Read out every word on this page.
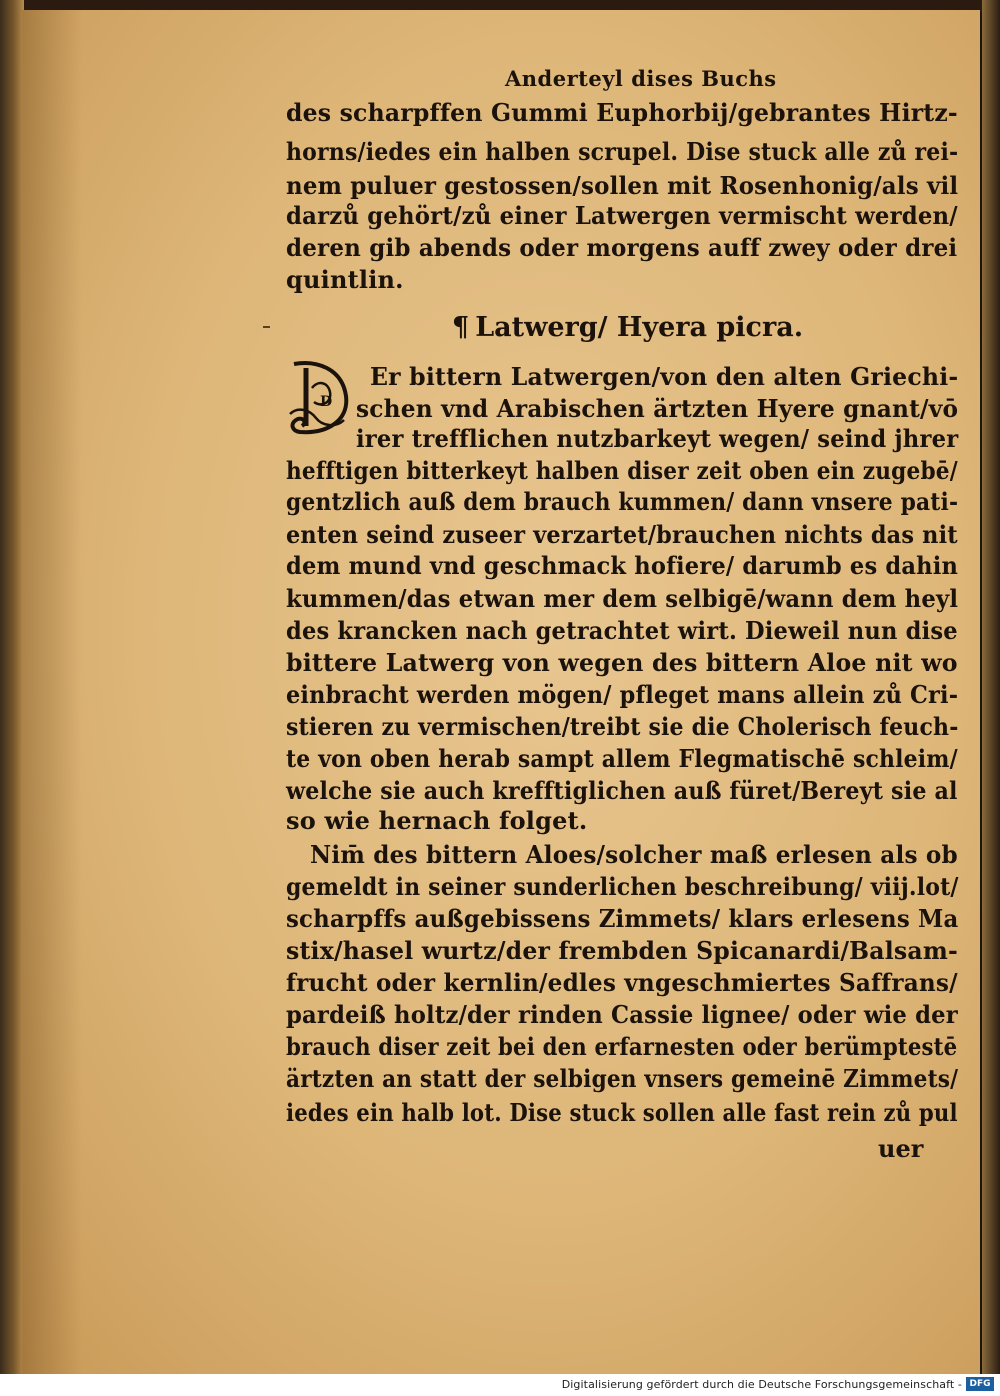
Anderteyl dises Buchs
des scharpffen Gummi Euphorbij/gebrantes Hirtz-
horns/iedes ein halben scrupel. Dise stuck alle zů rei-
nem puluer gestossen/sollen mit Rosenhonig/als vil
darzů gehört/zů einer Latwergen vermischt werden/
deren gib abends oder morgens auff zwey oder drei
quintlin.
¶ Latwerg/ Hyera picra.
D
Er bittern Latwergen/von den alten Griechi-
schen vnd Arabischen ärtzten Hyere gnant/vō
irer trefflichen nutzbarkeyt wegen/ seind jhrer
hefftigen bitterkeyt halben diser zeit oben ein zugebē/
gentzlich auß dem brauch kummen/ dann vnsere pati-
enten seind zuseer verzartet/brauchen nichts das nit
dem mund vnd geschmack hofiere/ darumb es dahin
kummen/das etwan mer dem selbigē/wann dem heyl
des krancken nach getrachtet wirt. Dieweil nun dise
bittere Latwerg von wegen des bittern Aloe nit wo
einbracht werden mögen/ pfleget mans allein zů Cri-
stieren zu vermischen/treibt sie die Cholerisch feuch-
te von oben herab sampt allem Flegmatischē schleim/
welche sie auch krefftiglichen auß füret/Bereyt sie al
so wie hernach folget.
Nim̄ des bittern Aloes/solcher maß erlesen als ob
gemeldt in seiner sunderlichen beschreibung/ viij.lot/
scharpffs außgebissens Zimmets/ klars erlesens Ma
stix/hasel wurtz/der frembden Spicanardi/Balsam-
frucht oder kernlin/edles vngeschmiertes Saffrans/
pardeiß holtz/der rinden Cassie lignee/ oder wie der
brauch diser zeit bei den erfarnesten oder berümptestē
ärtzten an statt der selbigen vnsers gemeinē Zimmets/
iedes ein halb lot. Dise stuck sollen alle fast rein zů pul
uer
Digitalisierung gefördert durch die Deutsche Forschungsgemeinschaft - DFG
